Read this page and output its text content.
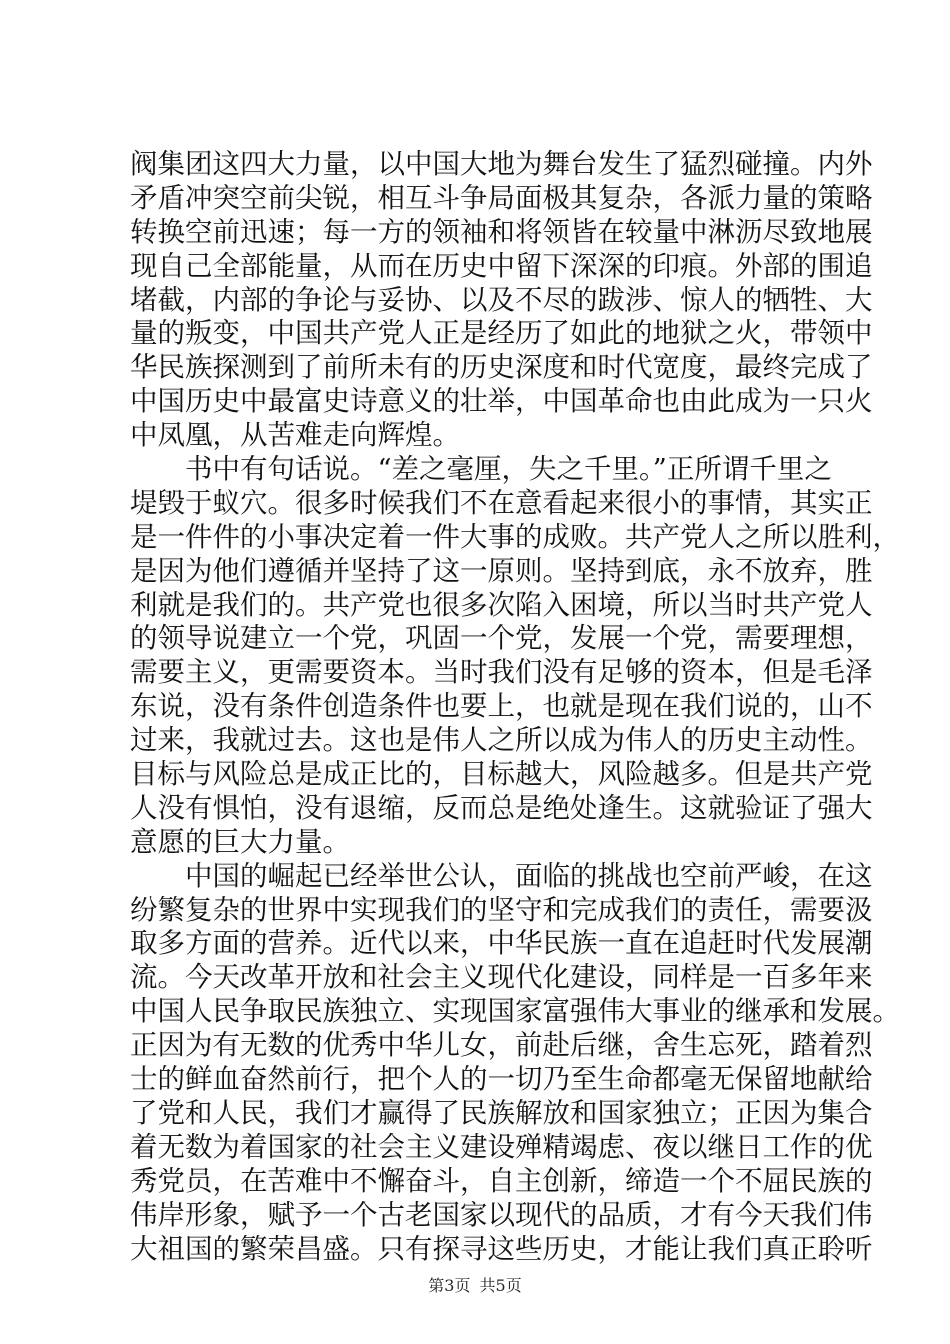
阀集团这四大力量，以中国大地为舞台发生了猛烈碰撞。内外
矛盾冲突空前尖锐，相互斗争局面极其复杂，各派力量的策略
转换空前迅速；每一方的领袖和将领皆在较量中淋沥尽致地展
现自己全部能量，从而在历史中留下深深的印痕。外部的围追
堵截，内部的争论与妥协、以及不尽的跋涉、惊人的牺牲、大
量的叛变，中国共产党人正是经历了如此的地狱之火，带领中
华民族探测到了前所未有的历史深度和时代宽度，最终完成了
中国历史中最富史诗意义的壮举，中国革命也由此成为一只火
中凤凰，从苦难走向辉煌。
书中有句话说。“差之毫厘，失之千里。”正所谓千里之
堤毁于蚁穴。很多时候我们不在意看起来很小的事情，其实正
是一件件的小事决定着一件大事的成败。共产党人之所以胜利，
是因为他们遵循并坚持了这一原则。坚持到底，永不放弃，胜
利就是我们的。共产党也很多次陷入困境，所以当时共产党人
的领导说建立一个党，巩固一个党，发展一个党，需要理想，
需要主义，更需要资本。当时我们没有足够的资本，但是毛泽
东说，没有条件创造条件也要上，也就是现在我们说的，山不
过来，我就过去。这也是伟人之所以成为伟人的历史主动性。
目标与风险总是成正比的，目标越大，风险越多。但是共产党
人没有惧怕，没有退缩，反而总是绝处逢生。这就验证了强大
意愿的巨大力量。
中国的崛起已经举世公认，面临的挑战也空前严峻，在这
纷繁复杂的世界中实现我们的坚守和完成我们的责任，需要汲
取多方面的营养。近代以来，中华民族一直在追赶时代发展潮
流。今天改革开放和社会主义现代化建设，同样是一百多年来
中国人民争取民族独立、实现国家富强伟大事业的继承和发展。
正因为有无数的优秀中华儿女，前赴后继，舍生忘死，踏着烈
士的鲜血奋然前行，把个人的一切乃至生命都毫无保留地献给
了党和人民，我们才赢得了民族解放和国家独立；正因为集合
着无数为着国家的社会主义建设殚精竭虑、夜以继日工作的优
秀党员，在苦难中不懈奋斗，自主创新，缔造一个不屈民族的
伟岸形象，赋予一个古老国家以现代的品质，才有今天我们伟
大祖国的繁荣昌盛。只有探寻这些历史，才能让我们真正聆听
第3页 共5页
